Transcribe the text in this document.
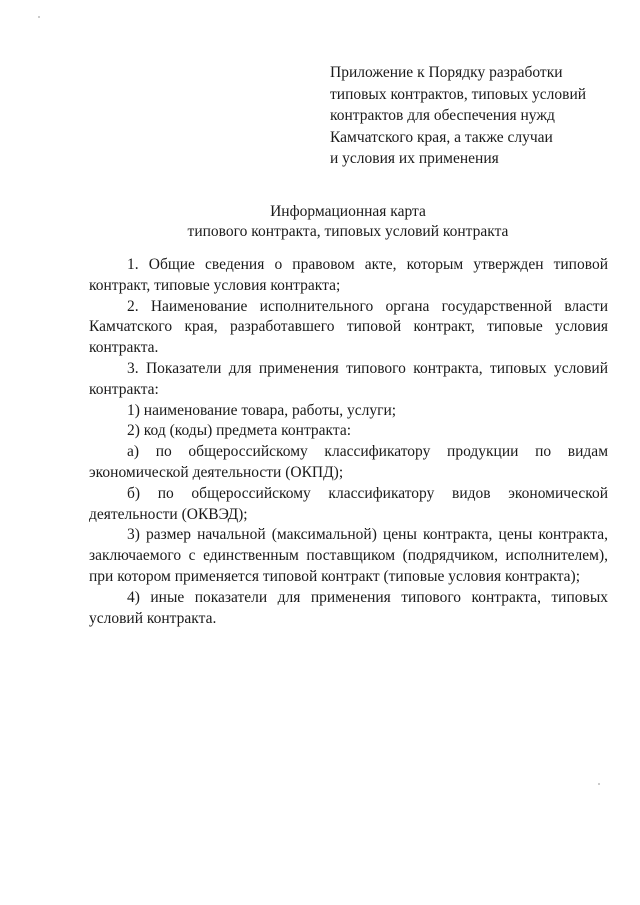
Приложение к Порядку разработки
типовых контрактов, типовых условий
контрактов для обеспечения нужд
Камчатского края, а также случаи
и условия их применения
Информационная карта
типового контракта, типовых условий контракта

1. Общие сведения о правовом акте, которым утвержден типовой контракт, типовые условия контракта;

2. Наименование исполнительного органа государственной власти Камчатского края, разработавшего типовой контракт, типовые условия контракта.

3. Показатели для применения типового контракта, типовых условий контракта:

1) наименование товара, работы, услуги;

2) код (коды) предмета контракта:

а) по общероссийскому классификатору продукции по видам экономической деятельности (ОКПД);

б) по общероссийскому классификатору видов экономической деятельности (ОКВЭД);

3) размер начальной (максимальной) цены контракта, цены контракта, заключаемого с единственным поставщиком (подрядчиком, исполнителем), при котором применяется типовой контракт (типовые условия контракта);

4) иные показатели для применения типового контракта, типовых условий контракта.
